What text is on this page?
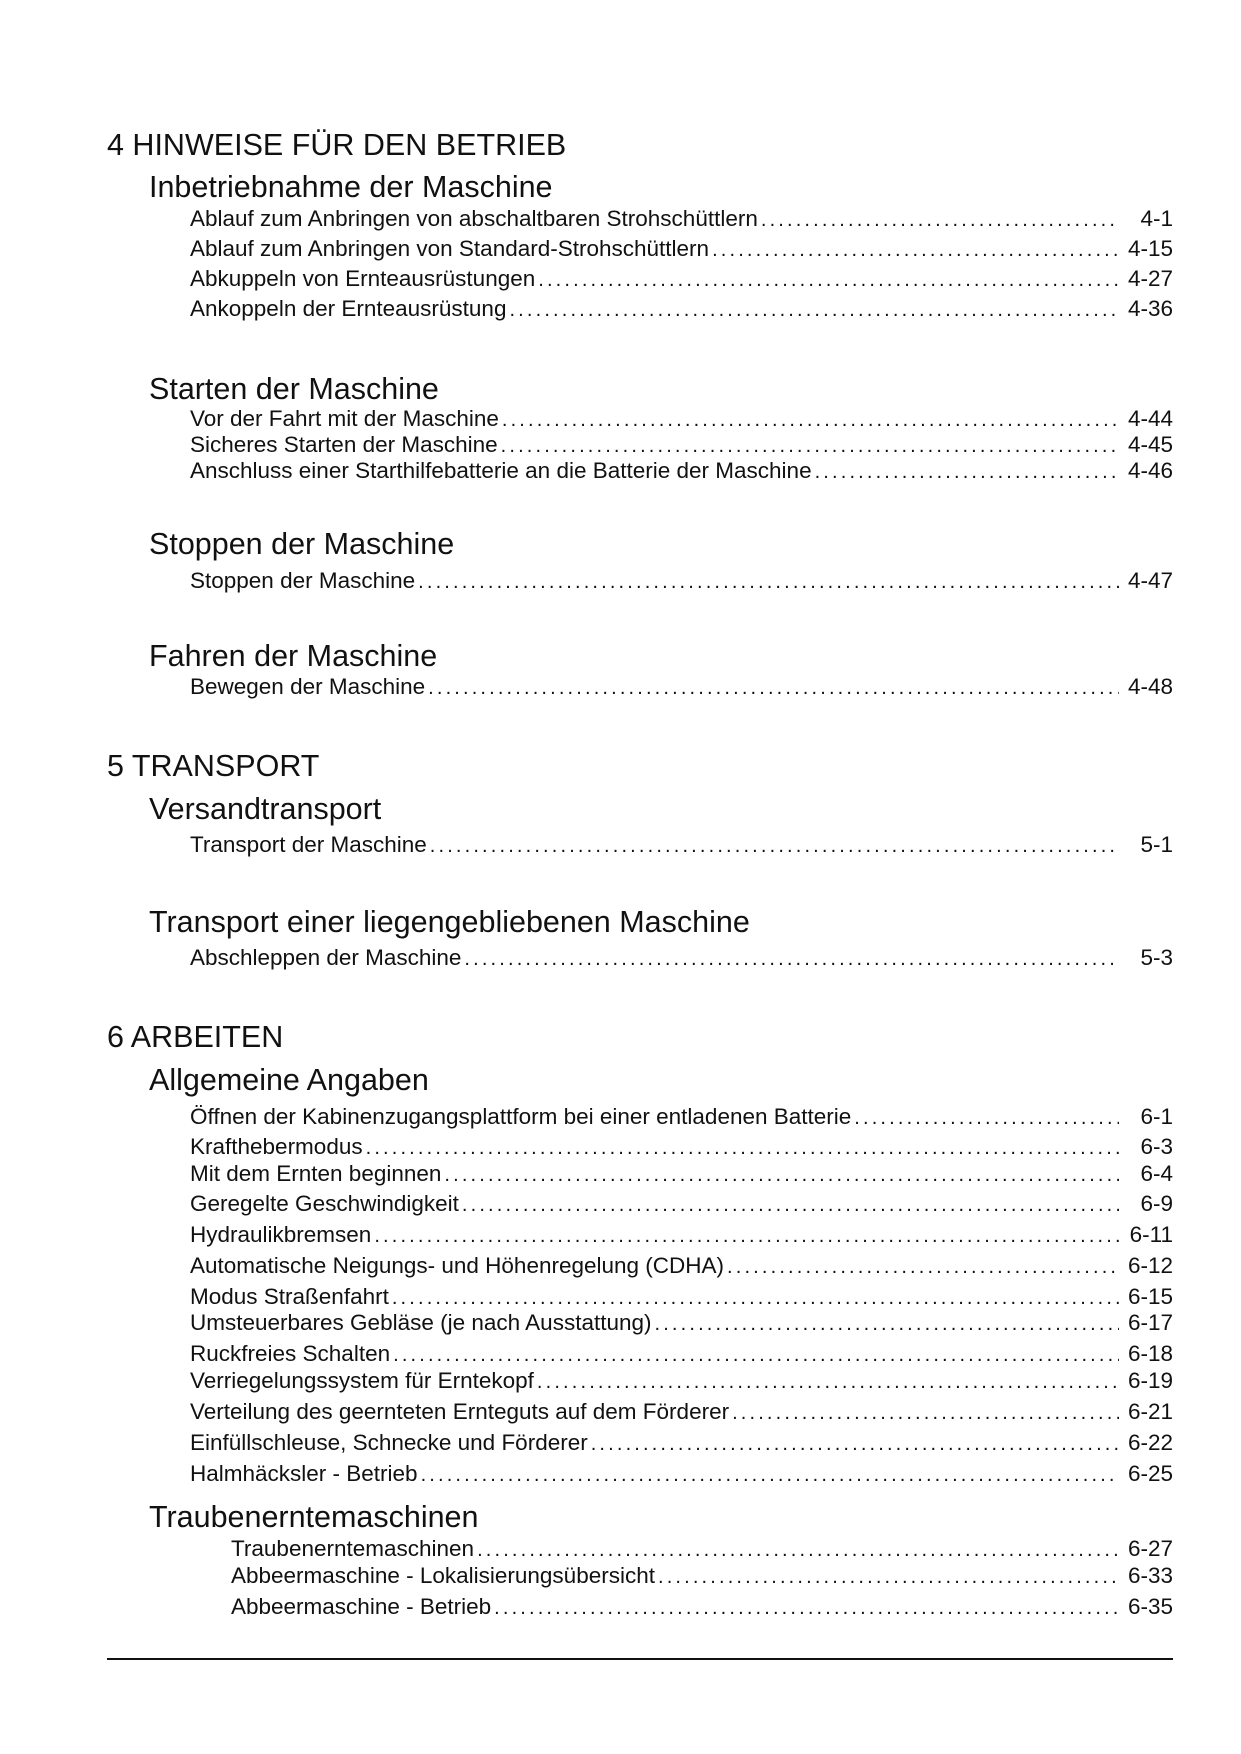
4 HINWEISE FÜR DEN BETRIEB
Inbetriebnahme der Maschine
Ablauf zum Anbringen von abschaltbaren Strohschüttlern . . .	4-1
Ablauf zum Anbringen von Standard-Strohschüttlern . . .	4-15
Abkuppeln von Ernteausrüstungen . . .	4-27
Ankoppeln der Ernteausrüstung . . .	4-36
Starten der Maschine
Vor der Fahrt mit der Maschine . . .	4-44
Sicheres Starten der Maschine . . .	4-45
Anschluss einer Starthilfebatterie an die Batterie der Maschine . . .	4-46
Stoppen der Maschine
Stoppen der Maschine . . .	4-47
Fahren der Maschine
Bewegen der Maschine . . .	4-48
5 TRANSPORT
Versandtransport
Transport der Maschine . . .	5-1
Transport einer liegengebliebenen Maschine
Abschleppen der Maschine . . .	5-3
6 ARBEITEN
Allgemeine Angaben
Öffnen der Kabinenzugangsplattform bei einer entladenen Batterie . . .	6-1
Krafthebermodus . . .	6-3
Mit dem Ernten beginnen . . .	6-4
Geregelte Geschwindigkeit . . .	6-9
Hydraulikbremsen . . .	6-11
Automatische Neigungs- und Höhenregelung (CDHA) . . .	6-12
Modus Straßenfahrt . . .	6-15
Umsteuerbares Gebläse (je nach Ausstattung) . . .	6-17
Ruckfreies Schalten . . .	6-18
Verriegelungssystem für Erntekopf . . .	6-19
Verteilung des geernteten Ernteguts auf dem Förderer . . .	6-21
Einfüllschleuse, Schnecke und Förderer . . .	6-22
Halmhäcksler - Betrieb . . .	6-25
Traubenerntemaschinen
Traubenerntemaschinen . . .	6-27
Abbeermaschine - Lokalisierungsübersicht . . .	6-33
Abbeermaschine - Betrieb . . .	6-35
